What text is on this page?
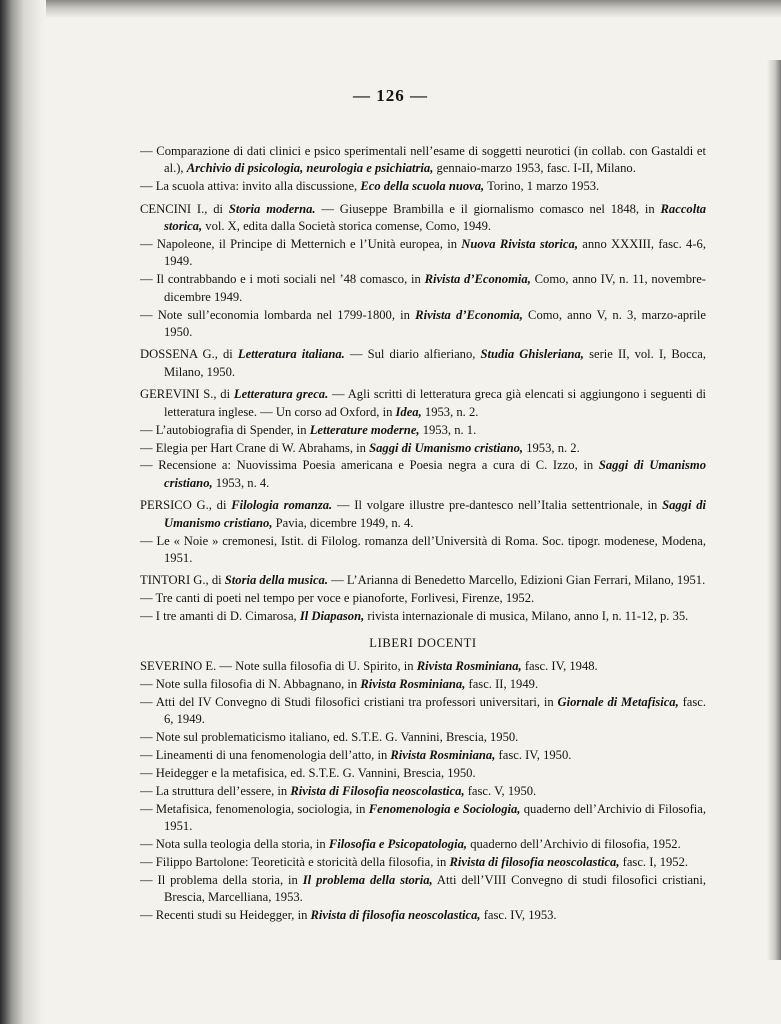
— 126 —
— Comparazione di dati clinici e psico sperimentali nell’esame di soggetti neurotici (in collab. con Gastaldi et al.), Archivio di psicologia, neurologia e psichiatria, gennaio-marzo 1953, fasc. I-II, Milano.
— La scuola attiva: invito alla discussione, Eco della scuola nuova, Torino, 1 marzo 1953.
CENCINI I., di Storia moderna. — Giuseppe Brambilla e il giornalismo comasco nel 1848, in Raccolta storica, vol. X, edita dalla Società storica comense, Como, 1949.
— Napoleone, il Principe di Metternich e l’Unità europea, in Nuova Rivista storica, anno XXXIII, fasc. 4-6, 1949.
— Il contrabbando e i moti sociali nel ’48 comasco, in Rivista d’Economia, Como, anno IV, n. 11, novembre-dicembre 1949.
— Note sull’economia lombarda nel 1799-1800, in Rivista d’Economia, Como, anno V, n. 3, marzo-aprile 1950.
DOSSENA G., di Letteratura italiana. — Sul diario alfieriano, Studia Ghisleriana, serie II, vol. I, Bocca, Milano, 1950.
GEREVINI S., di Letteratura greca. — Agli scritti di letteratura greca già elencati si aggiungono i seguenti di letteratura inglese. — Un corso ad Oxford, in Idea, 1953, n. 2.
— L’autobiografia di Spender, in Letterature moderne, 1953, n. 1.
— Elegia per Hart Crane di W. Abrahams, in Saggi di Umanismo cristiano, 1953, n. 2.
— Recensione a: Nuovissima Poesia americana e Poesia negra a cura di C. Izzo, in Saggi di Umanismo cristiano, 1953, n. 4.
PERSICO G., di Filologia romanza. — Il volgare illustre pre-dantesco nell’Italia settentrionale, in Saggi di Umanismo cristiano, Pavia, dicembre 1949, n. 4.
— Le « Noie » cremonesi, Istit. di Filolog. romanza dell’Università di Roma. Soc. tipogr. modenese, Modena, 1951.
TINTORI G., di Storia della musica. — L’Arianna di Benedetto Marcello, Edizioni Gian Ferrari, Milano, 1951.
— Tre canti di poeti nel tempo per voce e pianoforte, Forlivesi, Firenze, 1952.
— I tre amanti di D. Cimarosa, Il Diapason, rivista internazionale di musica, Milano, anno I, n. 11-12, p. 35.
LIBERI DOCENTI
SEVERINO E. — Note sulla filosofia di U. Spirito, in Rivista Rosminiana, fasc. IV, 1948.
— Note sulla filosofia di N. Abbagnano, in Rivista Rosminiana, fasc. II, 1949.
— Atti del IV Convegno di Studi filosofici cristiani tra professori universitari, in Giornale di Metafisica, fasc. 6, 1949.
— Note sul problematicismo italiano, ed. S.T.E. G. Vannini, Brescia, 1950.
— Lineamenti di una fenomenologia dell’atto, in Rivista Rosminiana, fasc. IV, 1950.
— Heidegger e la metafisica, ed. S.T.E. G. Vannini, Brescia, 1950.
— La struttura dell’essere, in Rivista di Filosofia neoscolastica, fasc. V, 1950.
— Metafisica, fenomenologia, sociologia, in Fenomenologia e Sociologia, quaderno dell’Archivio di Filosofia, 1951.
— Nota sulla teologia della storia, in Filosofia e Psicopatologia, quaderno dell’Archivio di filosofia, 1952.
— Filippo Bartolone: Teoreticità e storicità della filosofia, in Rivista di filosofia neoscolastica, fasc. I, 1952.
— Il problema della storia, in Il problema della storia, Atti dell’VIII Convegno di studi filosofici cristiani, Brescia, Marcelliana, 1953.
— Recenti studi su Heidegger, in Rivista di filosofia neoscolastica, fasc. IV, 1953.
